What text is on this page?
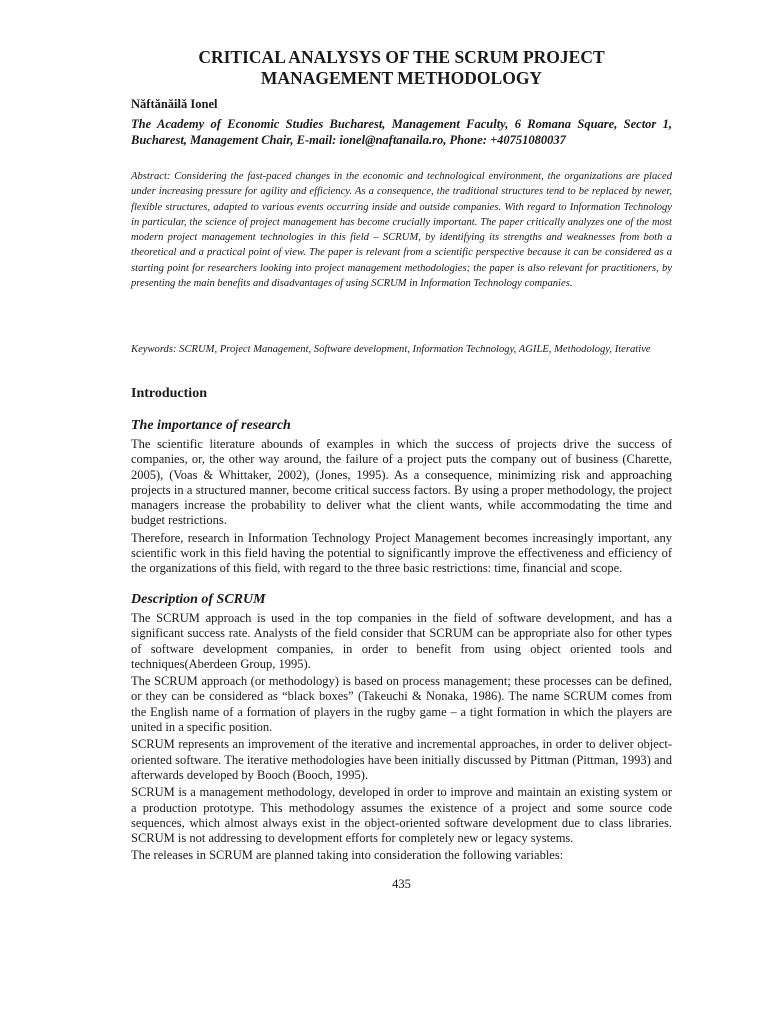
CRITICAL ANALYSYS OF THE SCRUM PROJECT MANAGEMENT METHODOLOGY

Năftănăilă Ionel

The Academy of Economic Studies Bucharest, Management Faculty, 6 Romana Square, Sector 1, Bucharest, Management Chair, E-mail: ionel@naftanaila.ro, Phone: +40751080037

Abstract: Considering the fast-paced changes in the economic and technological environment, the organizations are placed under increasing pressure for agility and efficiency. As a consequence, the traditional structures tend to be replaced by newer, flexible structures, adapted to various events occurring inside and outside companies. With regard to Information Technology in particular, the science of project management has become crucially important. The paper critically analyzes one of the most modern project management technologies in this field – SCRUM, by identifying its strengths and weaknesses from both a theoretical and a practical point of view. The paper is relevant from a scientific perspective because it can be considered as a starting point for researchers looking into project management methodologies; the paper is also relevant for practitioners, by presenting the main benefits and disadvantages of using SCRUM in Information Technology companies.

Keywords: SCRUM, Project Management, Software development, Information Technology, AGILE, Methodology, Iterative

Introduction
The importance of research

The scientific literature abounds of examples in which the success of projects drive the success of companies, or, the other way around, the failure of a project puts the company out of business (Charette, 2005), (Voas & Whittaker, 2002), (Jones, 1995). As a consequence, minimizing risk and approaching projects in a structured manner, become critical success factors. By using a proper methodology, the project managers increase the probability to deliver what the client wants, while accommodating the time and budget restrictions.

Therefore, research in Information Technology Project Management becomes increasingly important, any scientific work in this field having the potential to significantly improve the effectiveness and efficiency of the organizations of this field, with regard to the three basic restrictions: time, financial and scope.

Description of SCRUM

The SCRUM approach is used in the top companies in the field of software development, and has a significant success rate. Analysts of the field consider that SCRUM can be appropriate also for other types of software development companies, in order to benefit from using object oriented tools and techniques(Aberdeen Group, 1995).

The SCRUM approach (or methodology) is based on process management; these processes can be defined, or they can be considered as “black boxes” (Takeuchi & Nonaka, 1986). The name SCRUM comes from the English name of a formation of players in the rugby game – a tight formation in which the players are united in a specific position.

SCRUM represents an improvement of the iterative and incremental approaches, in order to deliver object-oriented software. The iterative methodologies have been initially discussed by Pittman (Pittman, 1993) and afterwards developed by Booch (Booch, 1995).

SCRUM is a management methodology, developed in order to improve and maintain an existing system or a production prototype. This methodology assumes the existence of a project and some source code sequences, which almost always exist in the object-oriented software development due to class libraries. SCRUM is not addressing to development efforts for completely new or legacy systems.

The releases in SCRUM are planned taking into consideration the following variables:

435
